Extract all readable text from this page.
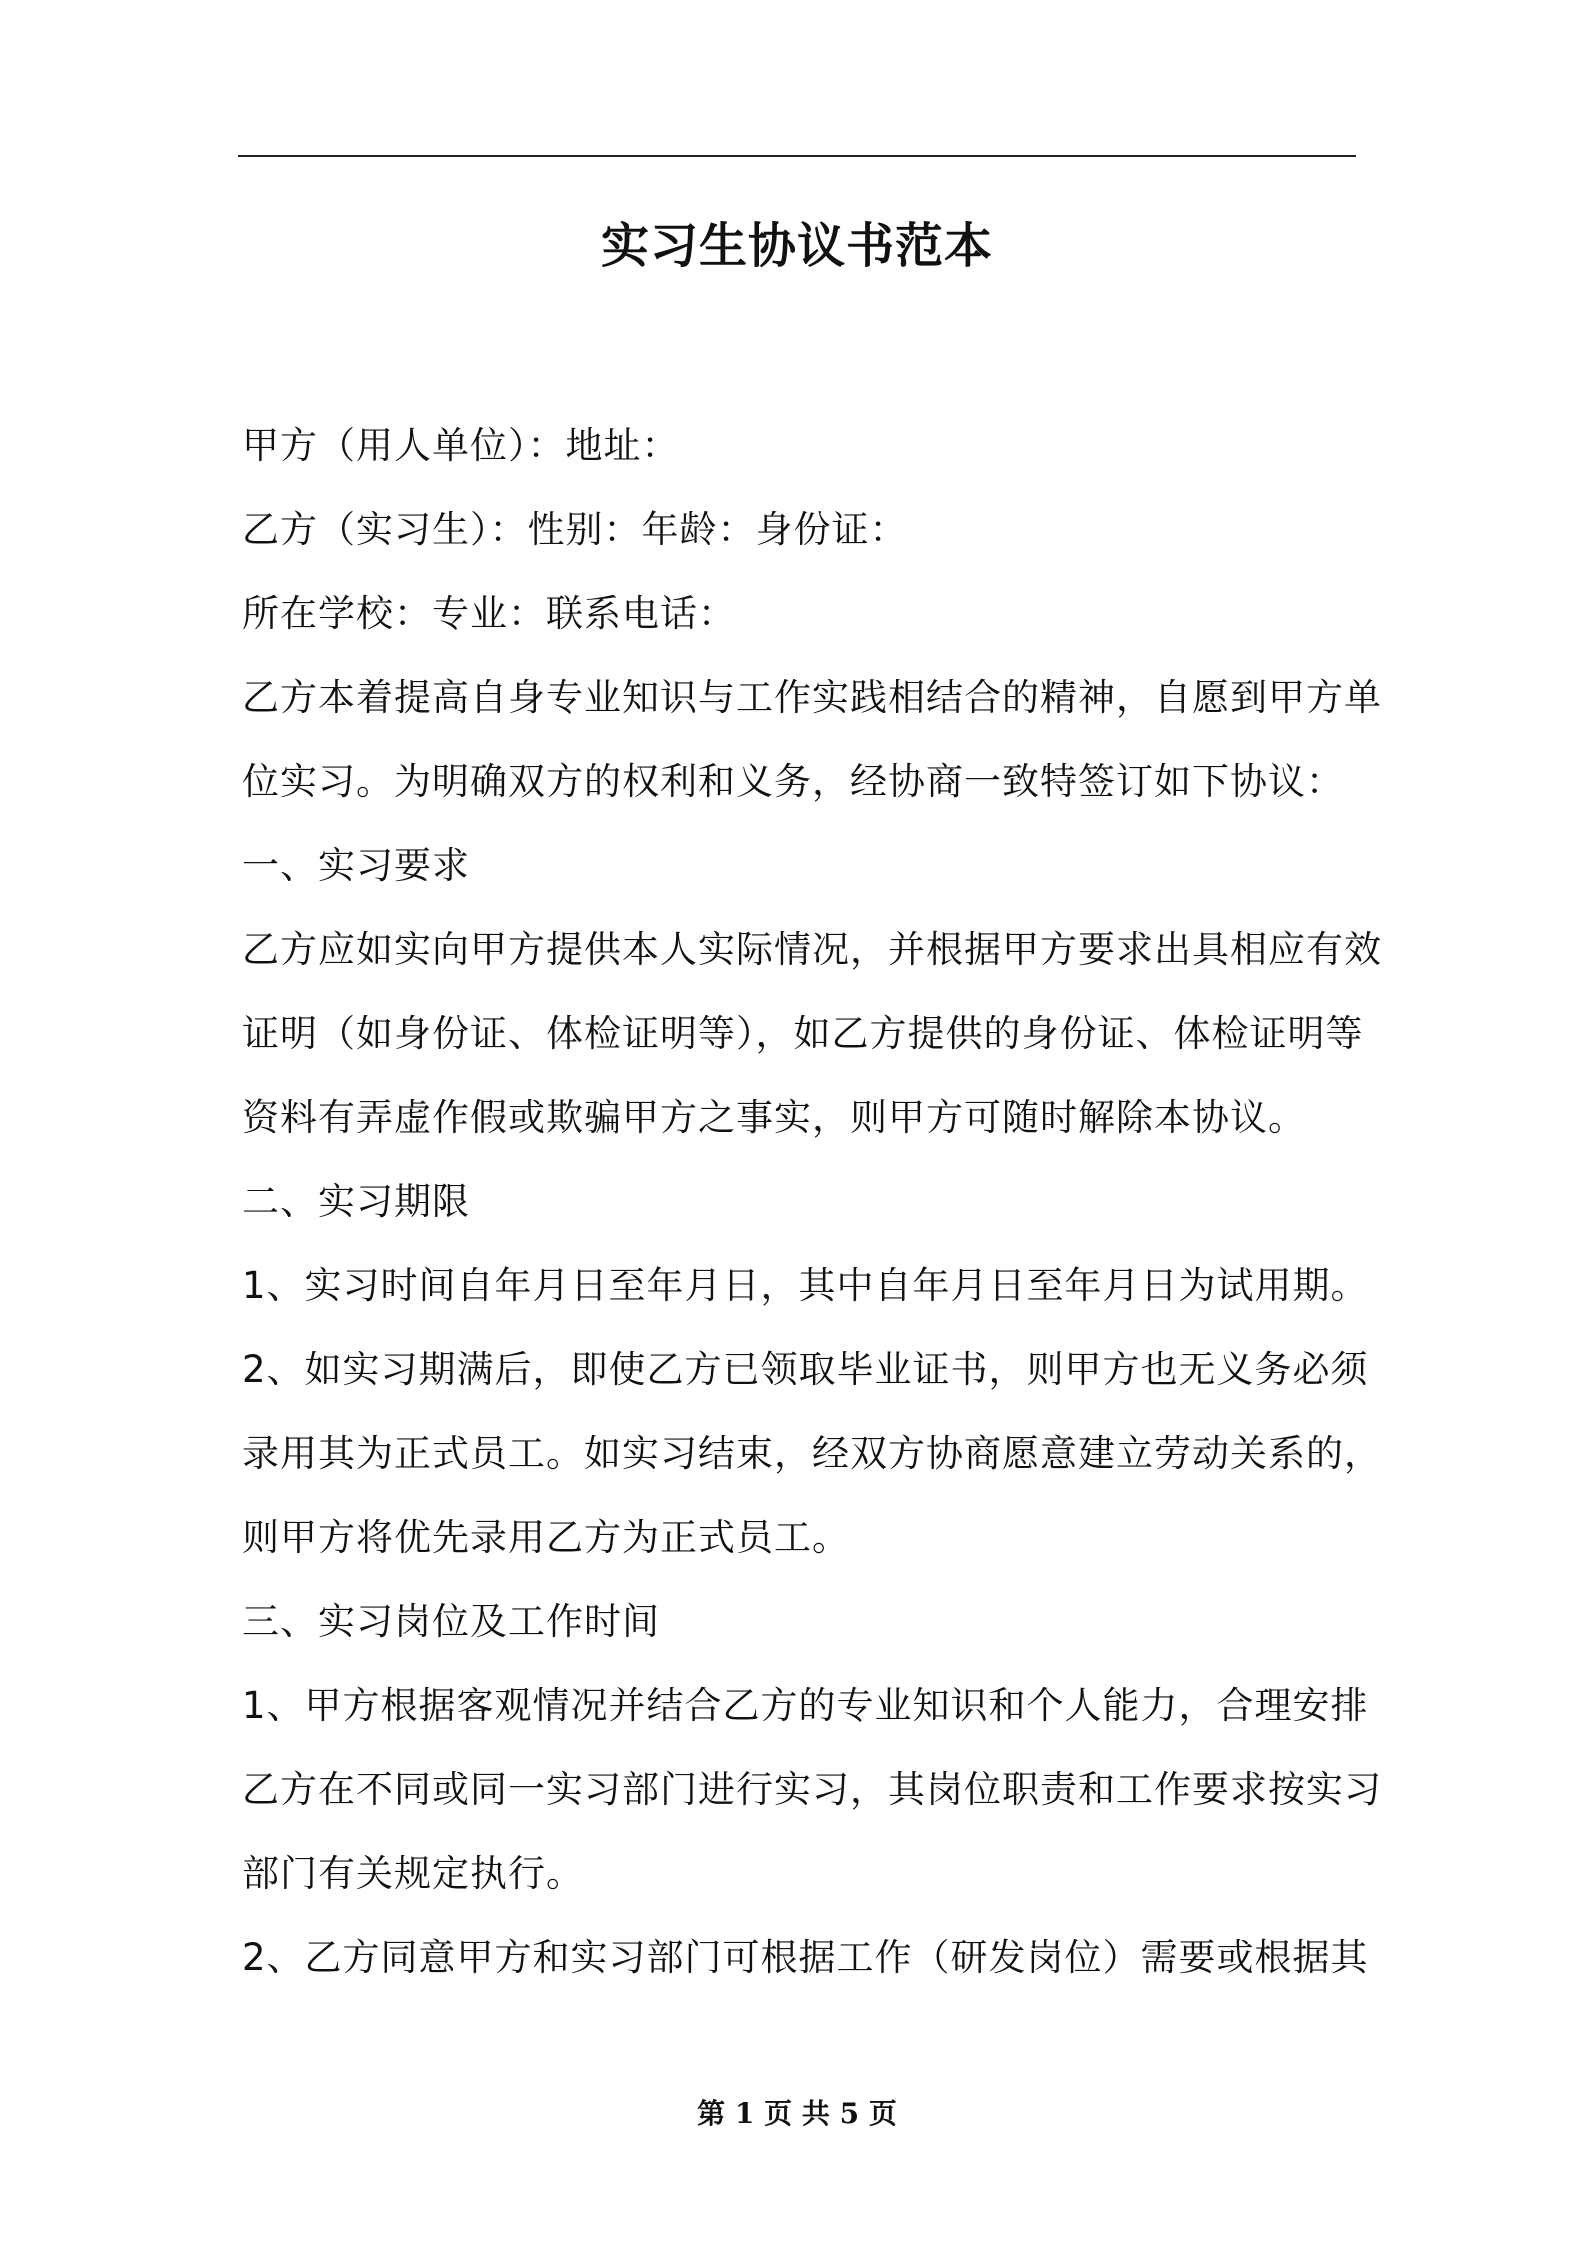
实习生协议书范本
甲方（用人单位）：地址：
乙方（实习生）：性别：年龄：身份证：
所在学校：专业：联系电话：
乙方本着提高自身专业知识与工作实践相结合的精神，自愿到甲方单
位实习。为明确双方的权利和义务，经协商一致特签订如下协议：
一、实习要求
乙方应如实向甲方提供本人实际情况，并根据甲方要求出具相应有效
证明（如身份证、体检证明等），如乙方提供的身份证、体检证明等
资料有弄虚作假或欺骗甲方之事实，则甲方可随时解除本协议。
二、实习期限
1、实习时间自年月日至年月日，其中自年月日至年月日为试用期。
2、如实习期满后，即使乙方已领取毕业证书，则甲方也无义务必须
录用其为正式员工。如实习结束，经双方协商愿意建立劳动关系的，
则甲方将优先录用乙方为正式员工。
三、实习岗位及工作时间
1、甲方根据客观情况并结合乙方的专业知识和个人能力，合理安排
乙方在不同或同一实习部门进行实习，其岗位职责和工作要求按实习
部门有关规定执行。
2、乙方同意甲方和实习部门可根据工作（研发岗位）需要或根据其
第 1 页 共 5 页
